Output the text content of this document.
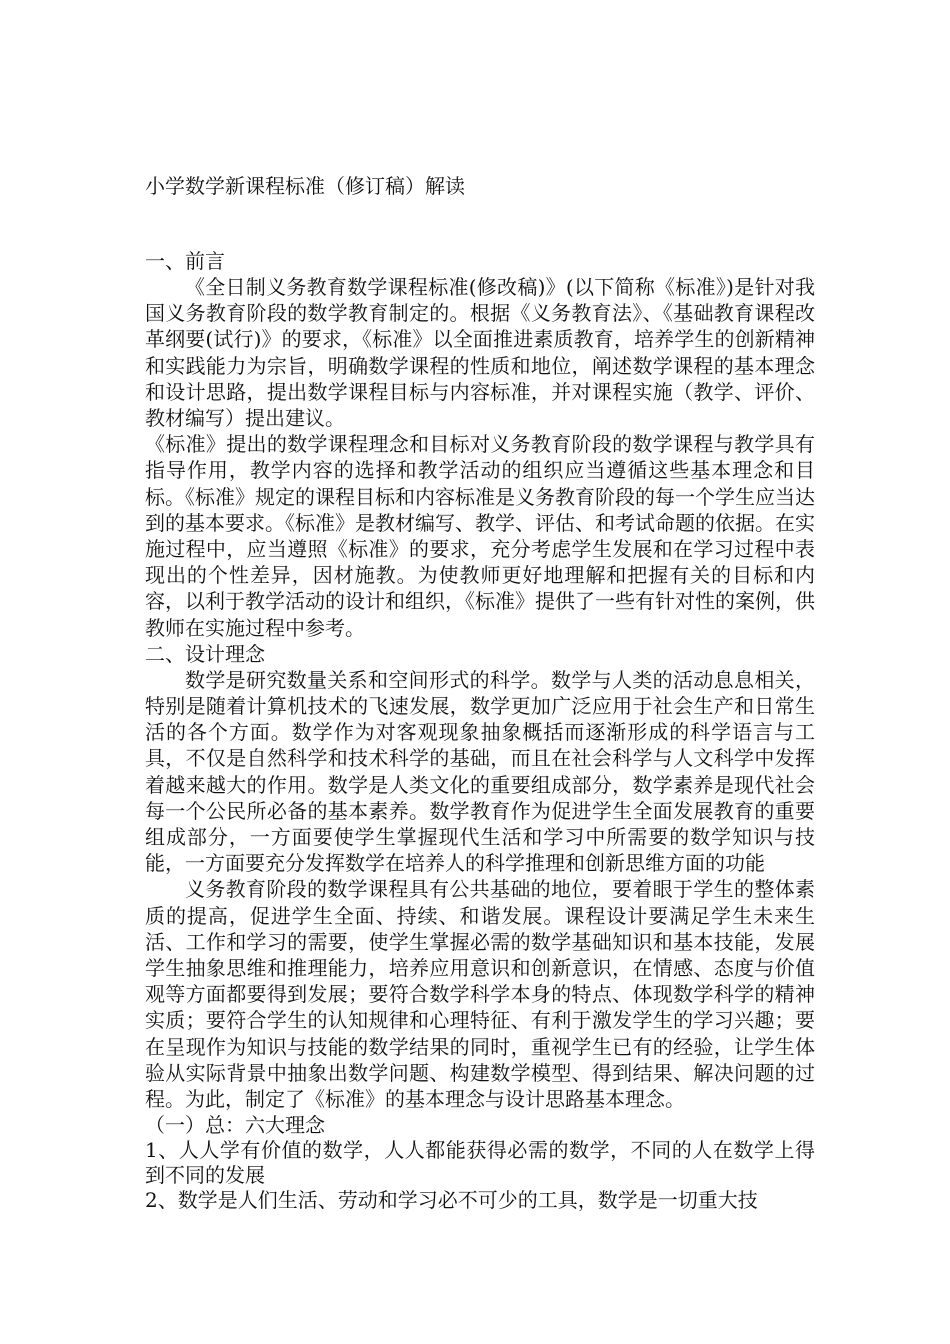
小学数学新课程标准（修订稿）解读
一、前言

《全日制义务教育数学课程标准(修改稿)》(以下简称《标准》)是针对我国义务教育阶段的数学教育制定的。根据《义务教育法》、《基础教育课程改革纲要(试行)》的要求，《标准》以全面推进素质教育，培养学生的创新精神和实践能力为宗旨，明确数学课程的性质和地位，阐述数学课程的基本理念和设计思路，提出数学课程目标与内容标准，并对课程实施（教学、评价、教材编写）提出建议。

《标准》提出的数学课程理念和目标对义务教育阶段的数学课程与教学具有指导作用，教学内容的选择和教学活动的组织应当遵循这些基本理念和目标。《标准》规定的课程目标和内容标准是义务教育阶段的每一个学生应当达到的基本要求。《标准》是教材编写、教学、评估、和考试命题的依据。在实施过程中，应当遵照《标准》的要求，充分考虑学生发展和在学习过程中表现出的个性差异，因材施教。为使教师更好地理解和把握有关的目标和内容，以利于教学活动的设计和组织，《标准》提供了一些有针对性的案例，供教师在实施过程中参考。

二、设计理念

数学是研究数量关系和空间形式的科学。数学与人类的活动息息相关，特别是随着计算机技术的飞速发展，数学更加广泛应用于社会生产和日常生活的各个方面。数学作为对客观现象抽象概括而逐渐形成的科学语言与工具，不仅是自然科学和技术科学的基础，而且在社会科学与人文科学中发挥着越来越大的作用。数学是人类文化的重要组成部分，数学素养是现代社会每一个公民所必备的基本素养。数学教育作为促进学生全面发展教育的重要组成部分，一方面要使学生掌握现代生活和学习中所需要的数学知识与技能，一方面要充分发挥数学在培养人的科学推理和创新思维方面的功能

义务教育阶段的数学课程具有公共基础的地位，要着眼于学生的整体素质的提高，促进学生全面、持续、和谐发展。课程设计要满足学生未来生活、工作和学习的需要，使学生掌握必需的数学基础知识和基本技能，发展学生抽象思维和推理能力，培养应用意识和创新意识，在情感、态度与价值观等方面都要得到发展；要符合数学科学本身的特点、体现数学科学的精神实质；要符合学生的认知规律和心理特征、有利于激发学生的学习兴趣；要在呈现作为知识与技能的数学结果的同时，重视学生已有的经验，让学生体验从实际背景中抽象出数学问题、构建数学模型、得到结果、解决问题的过程。为此，制定了《标准》的基本理念与设计思路基本理念。

（一）总：六大理念

1、人人学有价值的数学，人人都能获得必需的数学，不同的人在数学上得到不同的发展

2、数学是人们生活、劳动和学习必不可少的工具，数学是一切重大技
